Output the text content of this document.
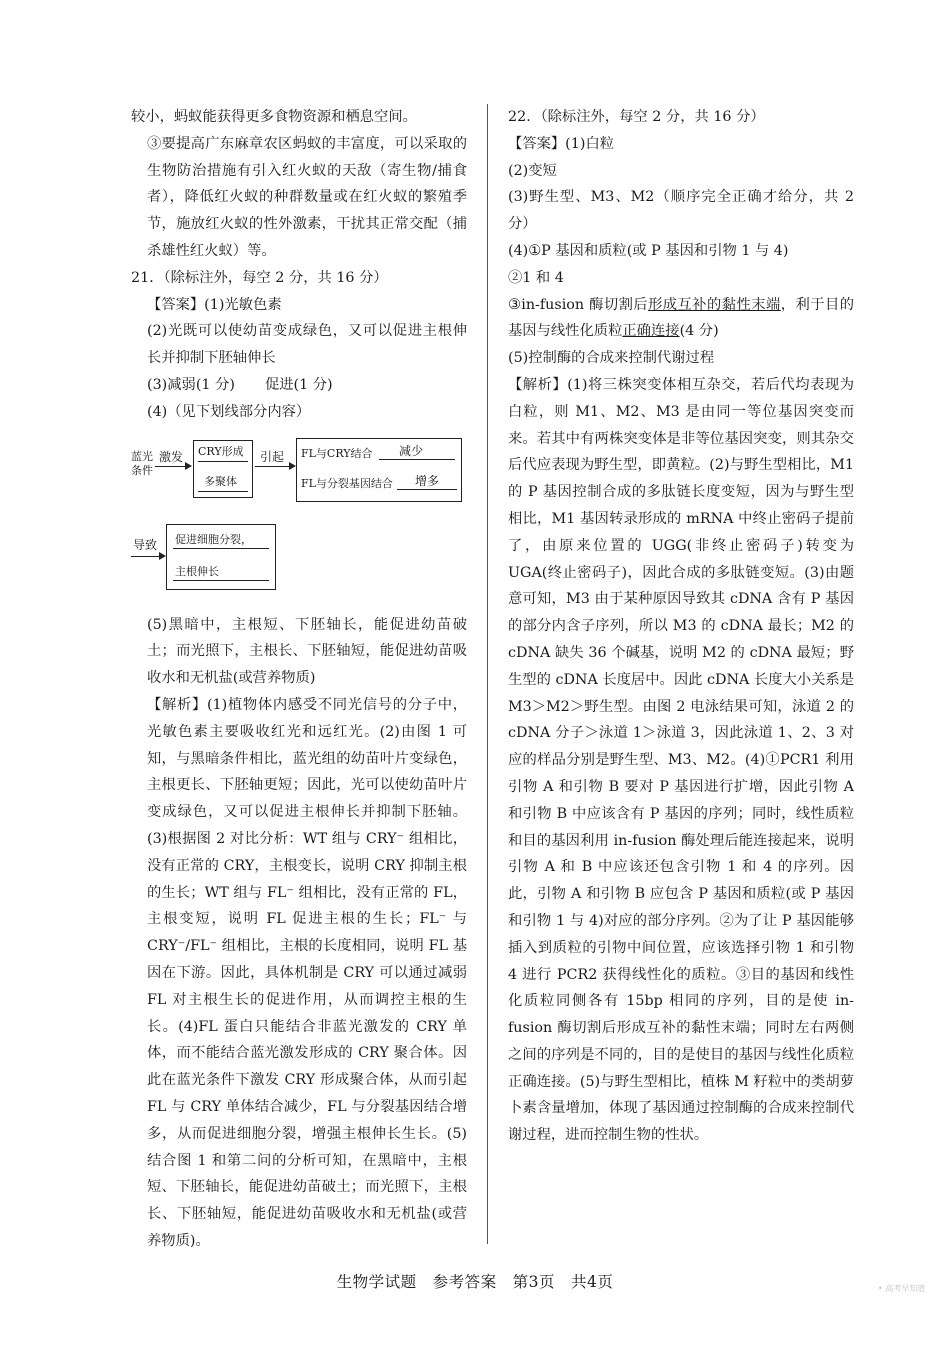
较小，蚂蚁能获得更多食物资源和栖息空间。

③要提高广东麻章农区蚂蚁的丰富度，可以采取的生物防治措施有引入红火蚁的天敌（寄生物/捕食者），降低红火蚁的种群数量或在红火蚁的繁殖季节，施放红火蚁的性外激素，干扰其正常交配（捕杀雄性红火蚁）等。

21．（除标注外，每空 2 分，共 16 分）

【答案】(1)光敏色素

(2)光既可以使幼苗变成绿色，又可以促进主根伸长并抑制下胚轴伸长

(3)减弱(1 分) 促进(1 分)

(4)（见下划线部分内容）

蓝光
条件
激发 CRY形成
多聚体
引起 FL与CRY结合 减少
FL与分裂基因结合 增多
导致 促进细胞分裂，
主根伸长

(5)黑暗中，主根短、下胚轴长，能促进幼苗破土；而光照下，主根长、下胚轴短，能促进幼苗吸收水和无机盐(或营养物质)

【解析】(1)植物体内感受不同光信号的分子中，光敏色素主要吸收红光和远红光。(2)由图 1 可知，与黑暗条件相比，蓝光组的幼苗叶片变绿色，主根更长、下胚轴更短；因此，光可以使幼苗叶片变成绿色，又可以促进主根伸长并抑制下胚轴。(3)根据图 2 对比分析：WT 组与 CRY⁻ 组相比，没有正常的 CRY，主根变长，说明 CRY 抑制主根的生长；WT 组与 FL⁻ 组相比，没有正常的 FL，主根变短，说明 FL 促进主根的生长；FL⁻ 与 CRY⁻/FL⁻ 组相比，主根的长度相同，说明 FL 基因在下游。因此，具体机制是 CRY 可以通过减弱 FL 对主根生长的促进作用，从而调控主根的生长。(4)FL 蛋白只能结合非蓝光激发的 CRY 单体，而不能结合蓝光激发形成的 CRY 聚合体。因此在蓝光条件下激发 CRY 形成聚合体，从而引起 FL 与 CRY 单体结合减少，FL 与分裂基因结合增多，从而促进细胞分裂，增强主根伸长生长。(5)结合图 1 和第二问的分析可知，在黑暗中，主根短、下胚轴长，能促进幼苗破土；而光照下，主根长、下胚轴短，能促进幼苗吸收水和无机盐(或营养物质)。

22．（除标注外，每空 2 分，共 16 分）

【答案】(1)白粒

(2)变短

(3)野生型、M3、M2（顺序完全正确才给分，共 2 分）

(4)①P 基因和质粒(或 P 基因和引物 1 与 4)

②1 和 4

③in-fusion 酶切割后形成互补的黏性末端，利于目的基因与线性化质粒正确连接(4 分)

(5)控制酶的合成来控制代谢过程

【解析】(1)将三株突变体相互杂交，若后代均表现为白粒，则 M1、M2、M3 是由同一等位基因突变而来。若其中有两株突变体是非等位基因突变，则其杂交后代应表现为野生型，即黄粒。(2)与野生型相比，M1 的 P 基因控制合成的多肽链长度变短，因为与野生型相比，M1 基因转录形成的 mRNA 中终止密码子提前了，由原来位置的 UGG(非终止密码子)转变为 UGA(终止密码子)，因此合成的多肽链变短。(3)由题意可知，M3 由于某种原因导致其 cDNA 含有 P 基因的部分内含子序列，所以 M3 的 cDNA 最长；M2 的 cDNA 缺失 36 个碱基，说明 M2 的 cDNA 最短；野生型的 cDNA 长度居中。因此 cDNA 长度大小关系是 M3＞M2＞野生型。由图 2 电泳结果可知，泳道 2 的 cDNA 分子＞泳道 1＞泳道 3，因此泳道 1、2、3 对应的样品分别是野生型、M3、M2。(4)①PCR1 利用引物 A 和引物 B 要对 P 基因进行扩增，因此引物 A 和引物 B 中应该含有 P 基因的序列；同时，线性质粒和目的基因利用 in-fusion 酶处理后能连接起来，说明引物 A 和 B 中应该还包含引物 1 和 4 的序列。因此，引物 A 和引物 B 应包含 P 基因和质粒(或 P 基因和引物 1 与 4)对应的部分序列。②为了让 P 基因能够插入到质粒的引物中间位置，应该选择引物 1 和引物 4 进行 PCR2 获得线性化的质粒。③目的基因和线性化质粒同侧各有 15bp 相同的序列，目的是使 in-fusion 酶切割后形成互补的黏性末端；同时左右两侧之间的序列是不同的，目的是使目的基因与线性化质粒正确连接。(5)与野生型相比，植株 M 籽粒中的类胡萝卜素含量增加，体现了基因通过控制酶的合成来控制代谢过程，进而控制生物的性状。

生物学试题　参考答案　第3页　共4页	• 高考早知道
